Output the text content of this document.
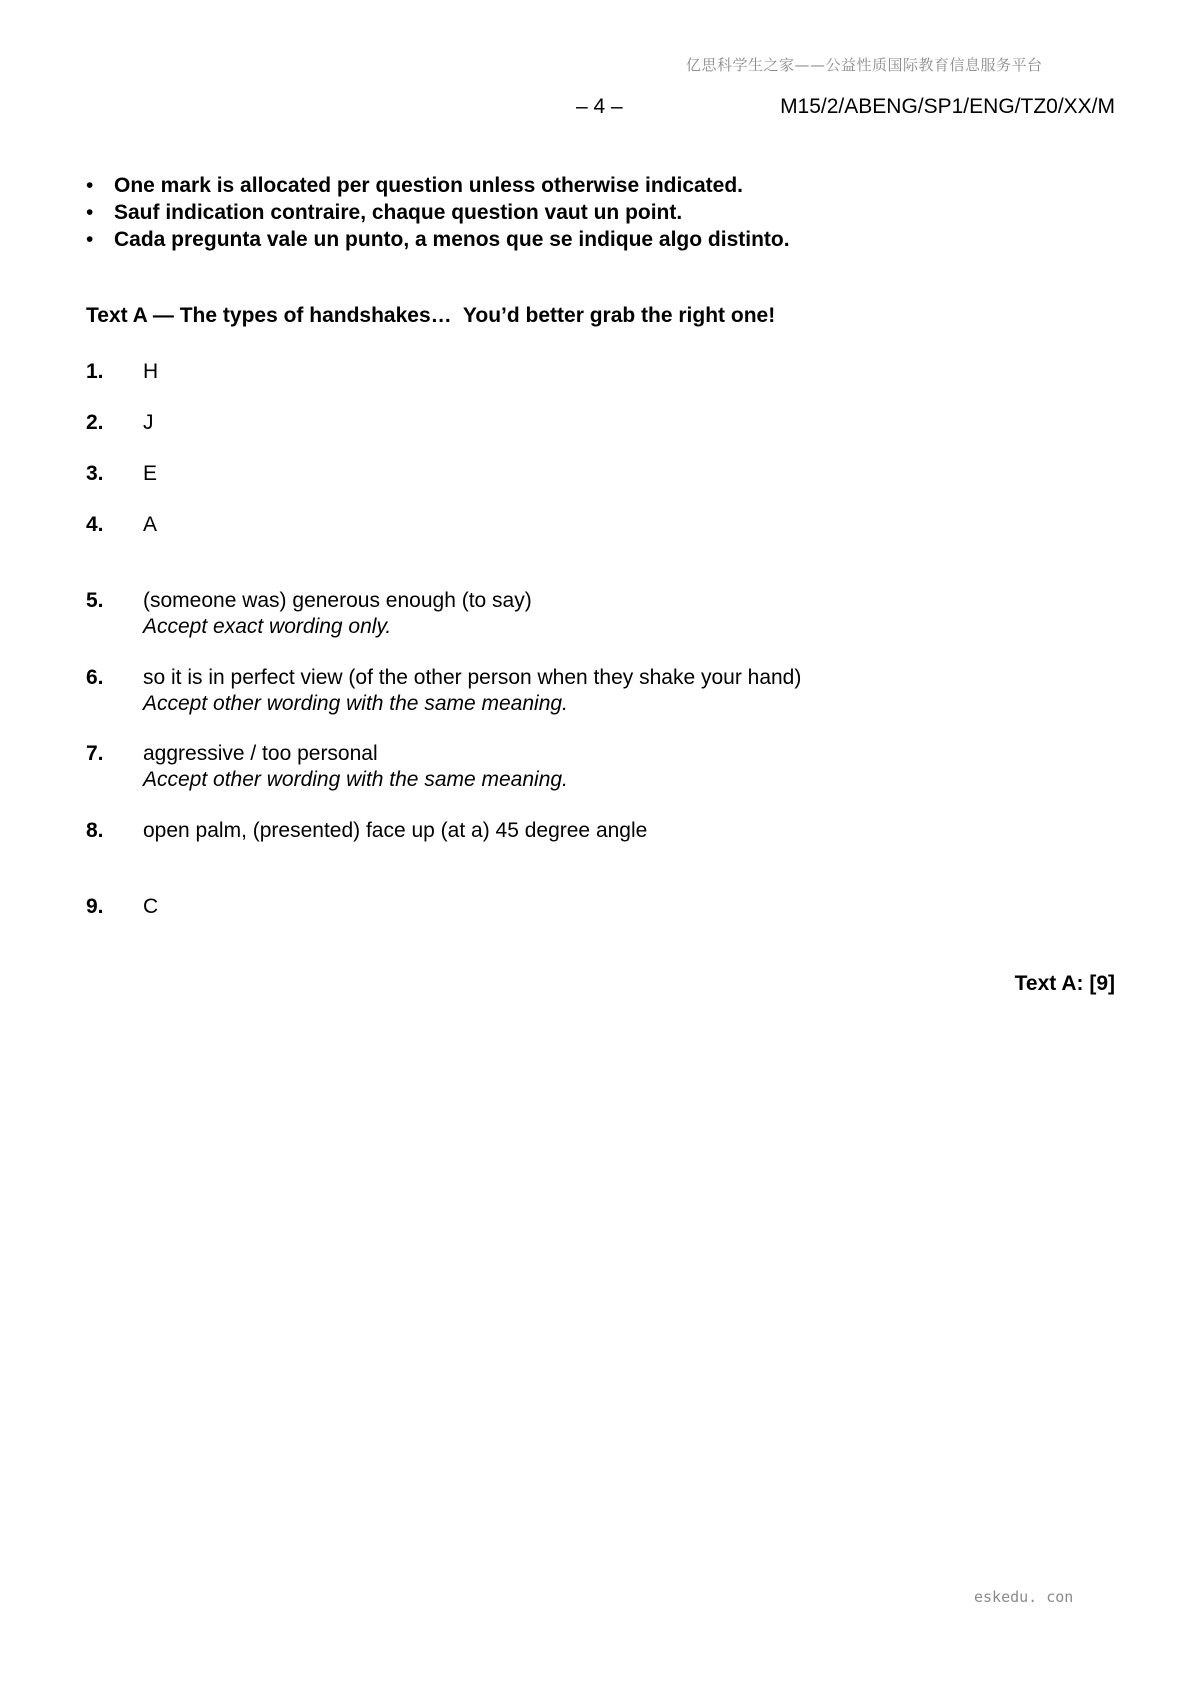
亿思科学生之家——公益性质国际教育信息服务平台
– 4 –	M15/2/ABENG/SP1/ENG/TZ0/XX/M
• One mark is allocated per question unless otherwise indicated.
• Sauf indication contraire, chaque question vaut un point.
• Cada pregunta vale un punto, a menos que se indique algo distinto.
Text A — The types of handshakes…  You’d better grab the right one!
1.	H
2.	J
3.	E
4.	A
5.	(someone was) generous enough (to say)
Accept exact wording only.
6.	so it is in perfect view (of the other person when they shake your hand)
Accept other wording with the same meaning.
7.	aggressive / too personal
Accept other wording with the same meaning.
8.	open palm, (presented) face up (at a) 45 degree angle
9.	C
Text A: [9]
eskedu. con
